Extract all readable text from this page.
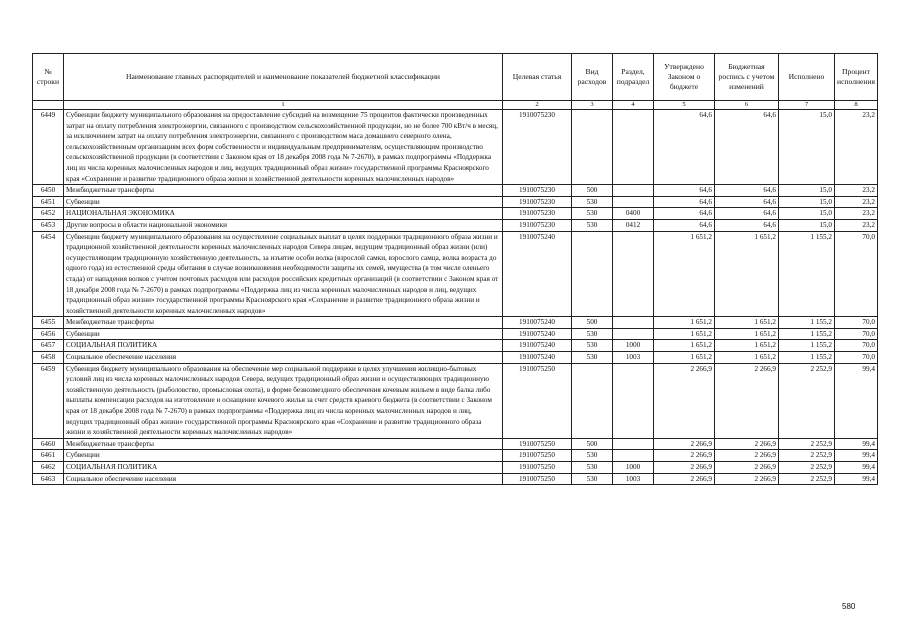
№ строки	Наименование главных распорядителей и наименование показателей бюджетной классификации	Целевая статья	Вид расходов	Раздел, подраздел	Утверждено Законом о бюджете	Бюджетная роспись с учетом изменений	Исполнено	Процент исполнения
	1	2	3	4	5	6	7	8
6449	Субвенции бюджету муниципального образования на предоставление субсидий на возмещение 75 процентов фактически произведенных затрат на оплату потребления электроэнергии, связанного с производством сельскохозяйственной продукции, но не более 700 кВт/ч в месяц, за исключением затрат на оплату потребления электроэнергии, связанного с производством маса домашнего северного олена, сельскохозяйственным организациям всех форм собственности и индивидуальным предпринимателям, осуществляющим производство сельскохозяйственной продукции (в соответствии с Законом края от 18 декабря 2008 года № 7-2670), в рамках подпрограммы «Поддержка лиц из числа коренных малочисленных народов и лиц, ведущих традиционный образ жизни» государственной программы Красноярского края «Сохранение и развитие традиционного образа жизни и хозяйственной деятельности коренных малочисленных народов»	1910075230			64,6	64,6	15,0	23,2
6450	Межбюджетные трансферты	1910075230	500		64,6	64,6	15,0	23,2
6451	Субвенции	1910075230	530		64,6	64,6	15,0	23,2
6452	НАЦИОНАЛЬНАЯ ЭКОНОМИКА	1910075230	530	0400	64,6	64,6	15,0	23,2
6453	Другие вопросы в области национальной экономики	1910075230	530	0412	64,6	64,6	15,0	23,2
6454	Субвенции бюджету муниципального образования на осуществление социальных выплат в целях поддержки традиционного образа жизни и традиционной хозяйственной деятельности коренных малочисленных народов Севера лицам, ведущим традиционный образ жизни (или) осуществляющим традиционную хозяйственную деятельность, за изъятие особи волка (взрослой самки, взрослого самца, волка возраста до одного года) из естественной среды обитания в случае возникновения необходимости защиты их семей, имущества (в том числе оленьего стада) от нападения волков с учетом почтовых расходов или расходов российских кредитных организаций (в соответствии с Законом края от 18 декабря 2008 года № 7-2670) в рамках подпрограммы «Поддержка лиц из числа коренных малочисленных народов и лиц, ведущих традиционный образ жизни» государственной программы Красноярского края «Сохранение и развитие традиционного образа жизни и хозяйственной деятельности коренных малочисленных народов»	1910075240			1 651,2	1 651,2	1 155,2	70,0
6455	Межбюджетные трансферты	1910075240	500		1 651,2	1 651,2	1 155,2	70,0
6456	Субвенции	1910075240	530		1 651,2	1 651,2	1 155,2	70,0
6457	СОЦИАЛЬНАЯ ПОЛИТИКА	1910075240	530	1000	1 651,2	1 651,2	1 155,2	70,0
6458	Социальное обеспечение населения	1910075240	530	1003	1 651,2	1 651,2	1 155,2	70,0
6459	Субвенция бюджету муниципального образования на обеспечение мер социальной поддержки в целях улучшения жилищно-бытовых условий лиц из числа коренных малочисленных народов Севера, ведущих традиционный образ жизни и осуществляющих традиционную хозяйственную деятельность (рыболовство, промысловая охота), в форме безвозмездного обеспечения кочевым жильем в виде балка либо выплаты компенсации расходов на изготовление и оснащение кочевого жилья за счет средств краевого бюджета (в соответствии с Законом края от 18 декабря 2008 года № 7-2670) в рамках подпрограммы «Поддержка лиц из числа коренных малочисленных народов и лиц, ведущих традиционный образ жизни» государственной программы Красноярского края «Сохранение и развитие традиционного образа жизни и хозяйственной деятельности коренных малочисленных народов»	1910075250			2 266,9	2 266,9	2 252,9	99,4
6460	Межбюджетные трансферты	1910075250	500		2 266,9	2 266,9	2 252,9	99,4
6461	Субвенции	1910075250	530		2 266,9	2 266,9	2 252,9	99,4
6462	СОЦИАЛЬНАЯ ПОЛИТИКА	1910075250	530	1000	2 266,9	2 266,9	2 252,9	99,4
6463	Социальное обеспечение населения	1910075250	530	1003	2 266,9	2 266,9	2 252,9	99,4
580
